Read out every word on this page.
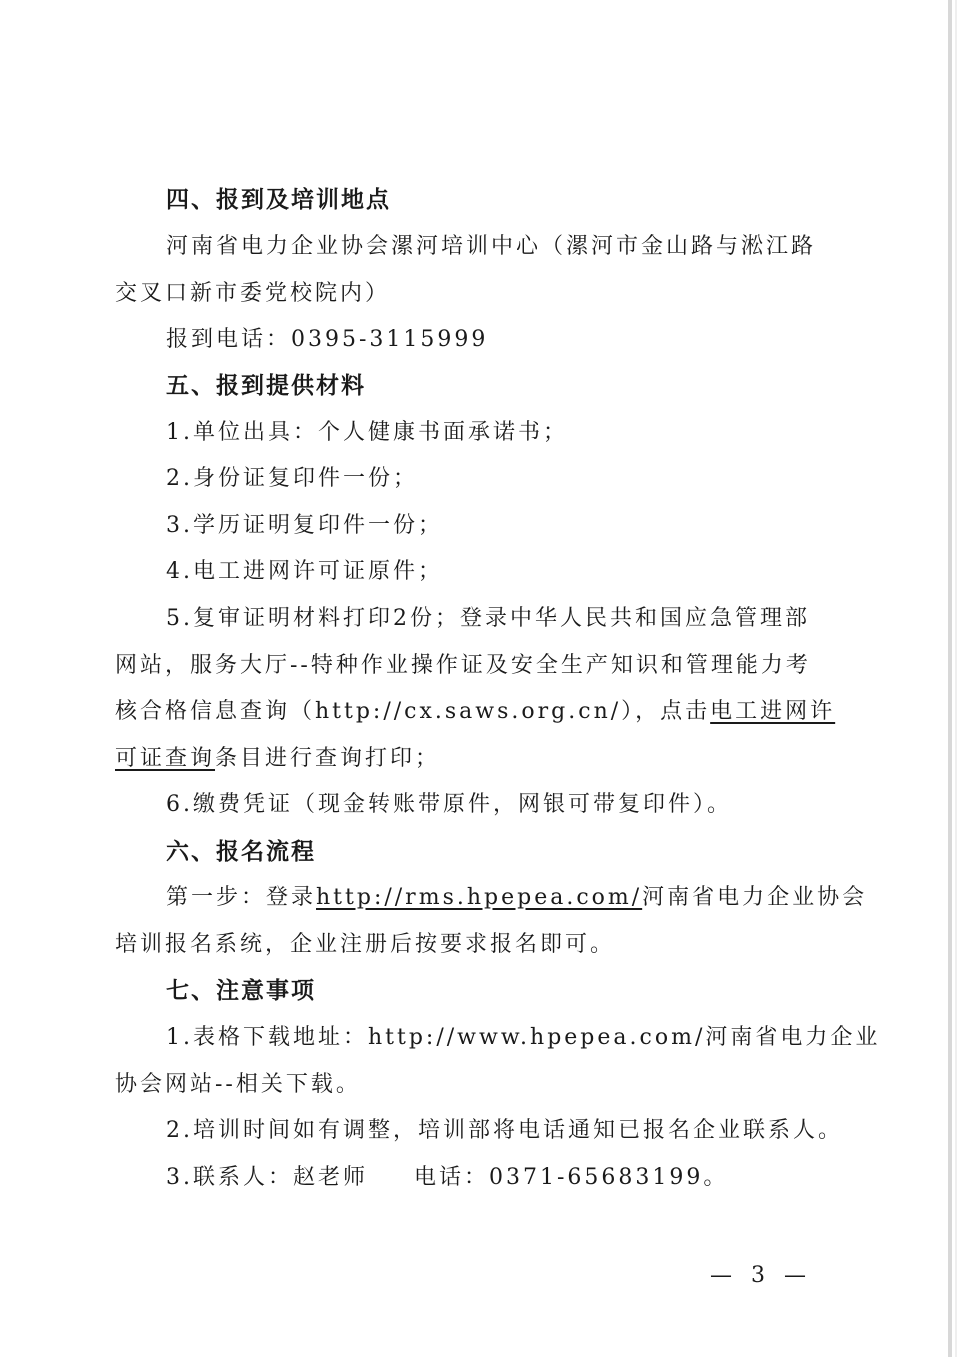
四、报到及培训地点
河南省电力企业协会漯河培训中心（漯河市金山路与淞江路
交叉口新市委党校院内）
报到电话：0395-3115999
五、报到提供材料
1.单位出具：个人健康书面承诺书；
2.身份证复印件一份；
3.学历证明复印件一份；
4.电工进网许可证原件；
5.复审证明材料打印2份；登录中华人民共和国应急管理部
网站，服务大厅--特种作业操作证及安全生产知识和管理能力考
核合格信息查询（http://cx.saws.org.cn/），点击电工进网许
可证查询条目进行查询打印；
6.缴费凭证（现金转账带原件，网银可带复印件）。
六、报名流程
第一步：登录http://rms.hpepea.com/河南省电力企业协会
培训报名系统，企业注册后按要求报名即可。
七、注意事项
1.表格下载地址：http://www.hpepea.com/河南省电力企业
协会网站--相关下载。
2.培训时间如有调整，培训部将电话通知已报名企业联系人。
3.联系人：赵老师 电话：0371-65683199。
— 3 —
